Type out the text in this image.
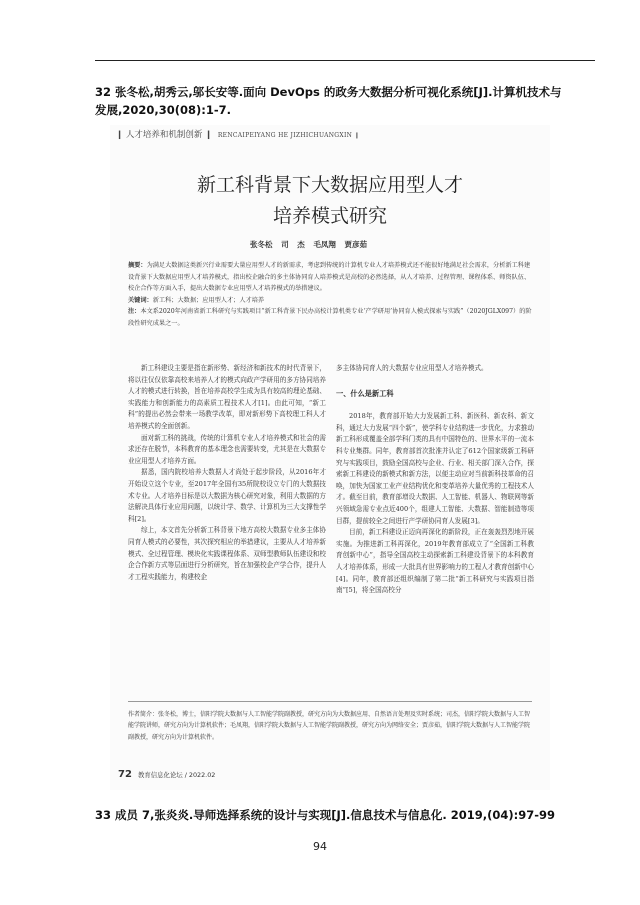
32 张冬松,胡秀云,邬长安等.面向 DevOps 的政务大数据分析可视化系统[J].计算机技术与发展,2020,30(08):1-7.
❙ 人才培养和机制创新 ❙ RENCAIPEIYANG HE JIZHICHUANGXIN ❙
新工科背景下大数据应用型人才
培养模式研究
张冬松 司 杰 毛凤翔 贾彦茹
摘要：为满足大数据这类新兴行业需要大量应用型人才的新需求，考虑到传统的计算机专业人才培养模式还不能很好地满足社会需求，分析新工科建设背景下大数据应用型人才培养模式，指出校企融合的多主体协同育人培养模式是高校的必然选择，从人才培养、过程管理、课程体系、师资队伍、校企合作等方面入手，提出大数据专业应用型人才培养模式的举措建议。
关键词：新工科；大数据；应用型人才；人才培养
注：本文系2020年河南省新工科研究与实践项目“新工科背景下民办高校计算机类专业‘产学研用’协同育人模式探索与实践”（2020JGLX097）的阶段性研究成果之一。

新工科建设主要是指在新形势、新经济和新技术的时代背景下，将以往仅仅依靠高校来培养人才的模式向政产学研用的多方协同培养人才的模式进行转换，旨在培养高校学生成为具有较高的理论基础、实践能力和创新能力的高素质工程技术人才[1]。由此可知，“新工科”的提出必然会带来一场教学改革，即对新形势下高校理工科人才培养模式的全面创新。

面对新工科的挑战，传统的计算机专业人才培养模式和社会的需求还存在脱节，本科教育的基本理念也需要转变，尤其是在大数据专业应用型人才培养方面。

据悉，国内院校培养大数据人才尚处于起步阶段，从2016年才开始设立这个专业，至2017年全国有35所院校设立专门的大数据技术专业。人才培养目标是以大数据为核心研究对象，利用大数据的方法解决具体行业应用问题，以统计学、数学、计算机为三大支撑性学科[2]。

综上，本文首先分析新工科背景下地方高校大数据专业多主体协同育人模式的必要性，其次探究相应的举措建议，主要从人才培养新模式、全过程管理、模块化实践课程体系、双师型教师队伍建设和校企合作新方式等层面进行分析研究，旨在加强校企产学合作，提升人才工程实践能力，构建校企

多主体协同育人的大数据专业应用型人才培养模式。

一、什么是新工科

2018年，教育部开始大力发展新工科、新医科、新农科、新文科，通过大力发展“四个新”，使学科专业结构进一步优化，力求推动新工科形成覆盖全部学科门类的具有中国特色的、世界水平的一流本科专业集群。同年，教育部首次批准并认定了612个国家级新工科研究与实践项目，鼓励全国高校与企业、行业、相关部门深入合作，探索新工科建设的新模式和新方法，以便主动应对当前新科技革命的召唤，加快为国家工业产业结构优化和变革培养大量优秀的工程技术人才。截至目前，教育部增设大数据、人工智能、机器人、物联网等新兴领域急需专业点近400个，组建人工智能、大数据、智能制造等项目群，提前较全之间进行产学研协同育人发展[3]。

目前，新工科建设正迈向再深化的新阶段，正在轰轰烈烈地开展实施。为推进新工科再深化，2019年教育部成立了“全国新工科教育创新中心”，指导全国高校主动探索新工科建设背景下的本科教育人才培养体系，形成一大批具有世界影响力的工程人才教育创新中心[4]。同年，教育部还组织编制了第二批“新工科研究与实践项目指南”[5]，将全国高校分

作者简介：张冬松，博士，信阳学院大数据与人工智能学院副教授，研究方向为大数据应用、自然语言处理及实时系统；司杰，信阳学院大数据与人工智能学院讲师，研究方向为计算机软件；毛凤翔，信阳学院大数据与人工智能学院副教授，研究方向为网络安全；贾彦茹，信阳学院大数据与人工智能学院副教授，研究方向为计算机软件。
72 教育信息化论坛 / 2022.02
33 成员 7,张炎炎.导师选择系统的设计与实现[J].信息技术与信息化. 2019,(04):97-99
94
